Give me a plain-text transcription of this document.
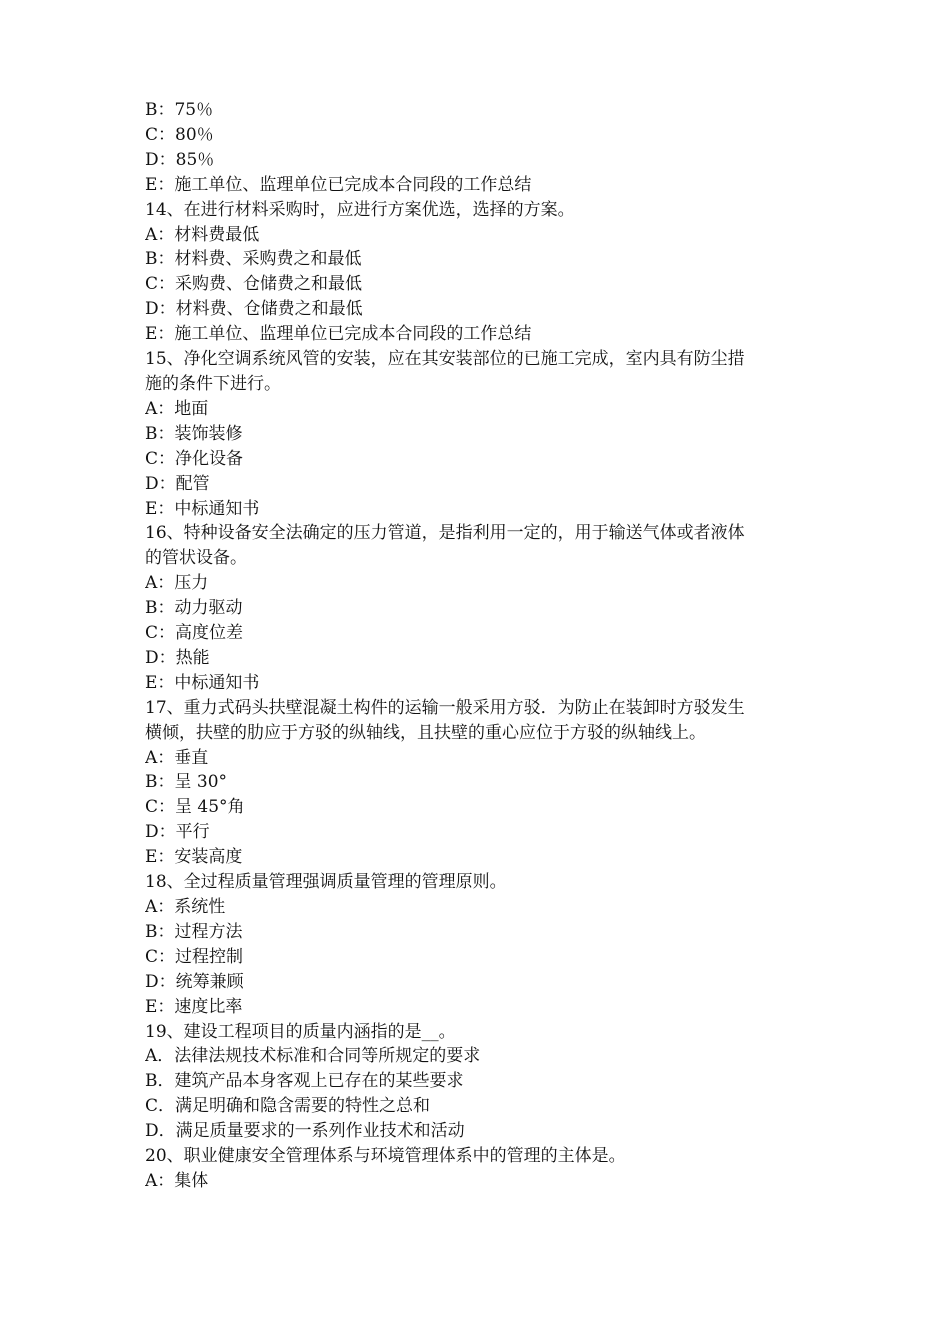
B：75％
C：80％
D：85％
E：施工单位、监理单位已完成本合同段的工作总结
14、在进行材料采购时，应进行方案优选，选择的方案。
A：材料费最低
B：材料费、采购费之和最低
C：采购费、仓储费之和最低
D：材料费、仓储费之和最低
E：施工单位、监理单位已完成本合同段的工作总结
15、净化空调系统风管的安装，应在其安装部位的已施工完成，室内具有防尘措
施的条件下进行。
A：地面
B：装饰装修
C：净化设备
D：配管
E：中标通知书
16、特种设备安全法确定的压力管道，是指利用一定的，用于输送气体或者液体
的管状设备。
A：压力
B：动力驱动
C：高度位差
D：热能
E：中标通知书
17、重力式码头扶壁混凝土构件的运输一般采用方驳．为防止在装卸时方驳发生
横倾，扶壁的肋应于方驳的纵轴线，且扶壁的重心应位于方驳的纵轴线上。
A：垂直
B：呈 30°
C：呈 45°角
D：平行
E：安装高度
18、全过程质量管理强调质量管理的管理原则。
A：系统性
B：过程方法
C：过程控制
D：统筹兼顾
E：速度比率
19、建设工程项目的质量内涵指的是__。
A．法律法规技术标准和合同等所规定的要求
B．建筑产品本身客观上已存在的某些要求
C．满足明确和隐含需要的特性之总和
D．满足质量要求的一系列作业技术和活动
20、职业健康安全管理体系与环境管理体系中的管理的主体是。
A：集体
